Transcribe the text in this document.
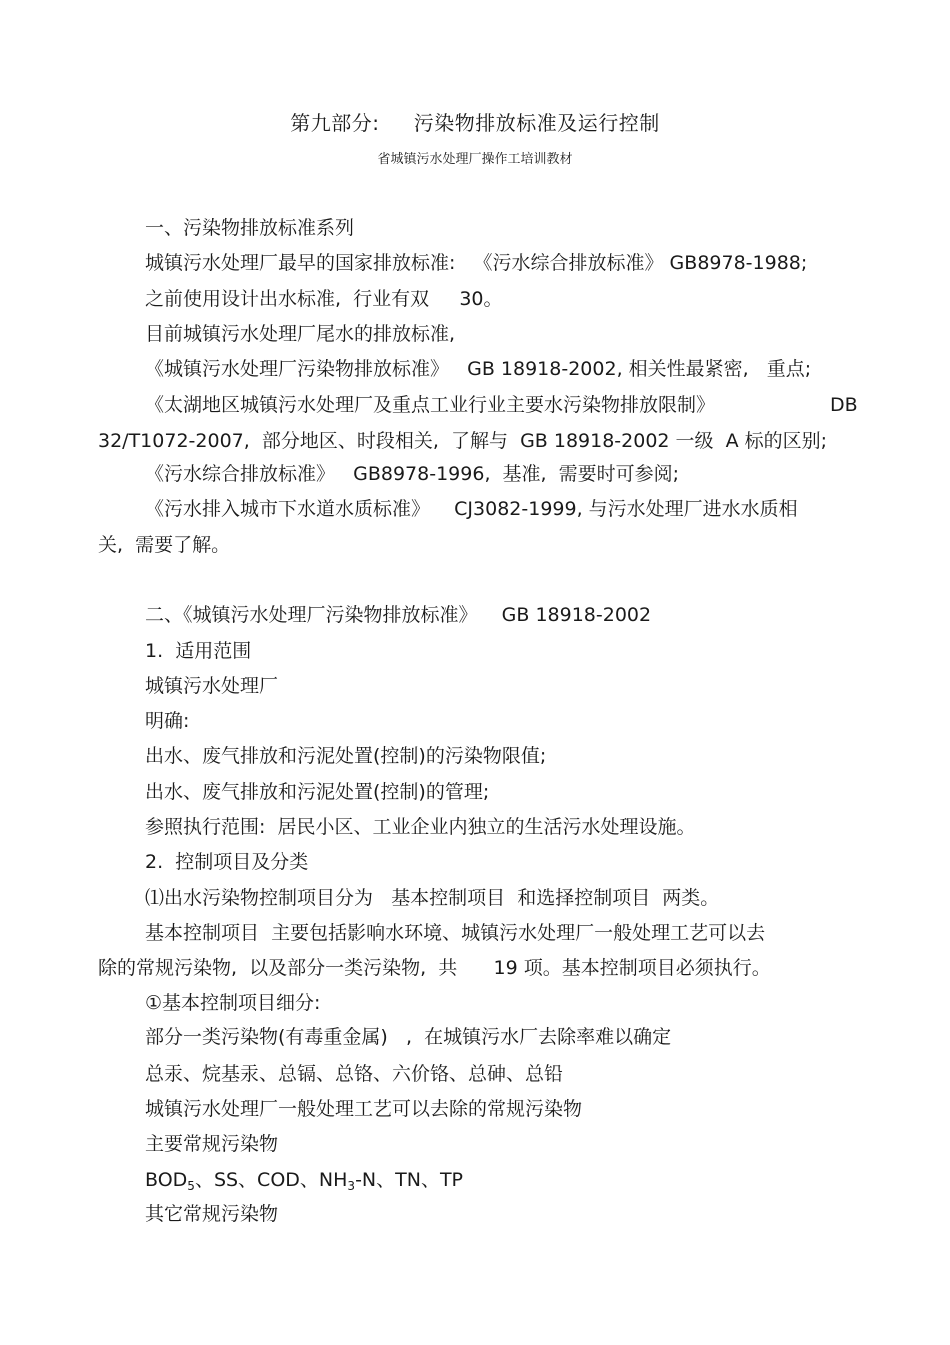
第九部分:     污染物排放标准及运行控制
省城镇污水处理厂操作工培训教材
一、污染物排放标准系列
城镇污水处理厂最早的国家排放标准:   《污水综合排放标准》 GB8978-1988;
之前使用设计出水标准,  行业有双     30。
目前城镇污水处理厂尾水的排放标准,
《城镇污水处理厂污染物排放标准》   GB 18918-2002, 相关性最紧密,   重点;
《太湖地区城镇污水处理厂及重点工业行业主要水污染物排放限制》	DB
32/T1072-2007,  部分地区、时段相关,  了解与  GB 18918-2002 一级  A 标的区别;
《污水综合排放标准》   GB8978-1996,  基准,  需要时可参阅;
《污水排入城市下水道水质标准》    CJ3082-1999, 与污水处理厂进水水质相
关,  需要了解。
二、《城镇污水处理厂污染物排放标准》    GB 18918-2002
1.  适用范围
城镇污水处理厂
明确:
出水、废气排放和污泥处置(控制)的污染物限值;
出水、废气排放和污泥处置(控制)的管理;
参照执行范围:  居民小区、工业企业内独立的生活污水处理设施。
2.  控制项目及分类
⑴出水污染物控制项目分为   基本控制项目  和选择控制项目  两类。
基本控制项目  主要包括影响水环境、城镇污水处理厂一般处理工艺可以去
除的常规污染物,  以及部分一类污染物,  共      19 项。基本控制项目必须执行。
①基本控制项目细分:
部分一类污染物(有毒重金属)   ,  在城镇污水厂去除率难以确定
总汞、烷基汞、总镉、总铬、六价铬、总砷、总铅
城镇污水处理厂一般处理工艺可以去除的常规污染物
主要常规污染物
$BOD_5$、SS、COD、$NH_3-N$、TN、TP
其它常规污染物
